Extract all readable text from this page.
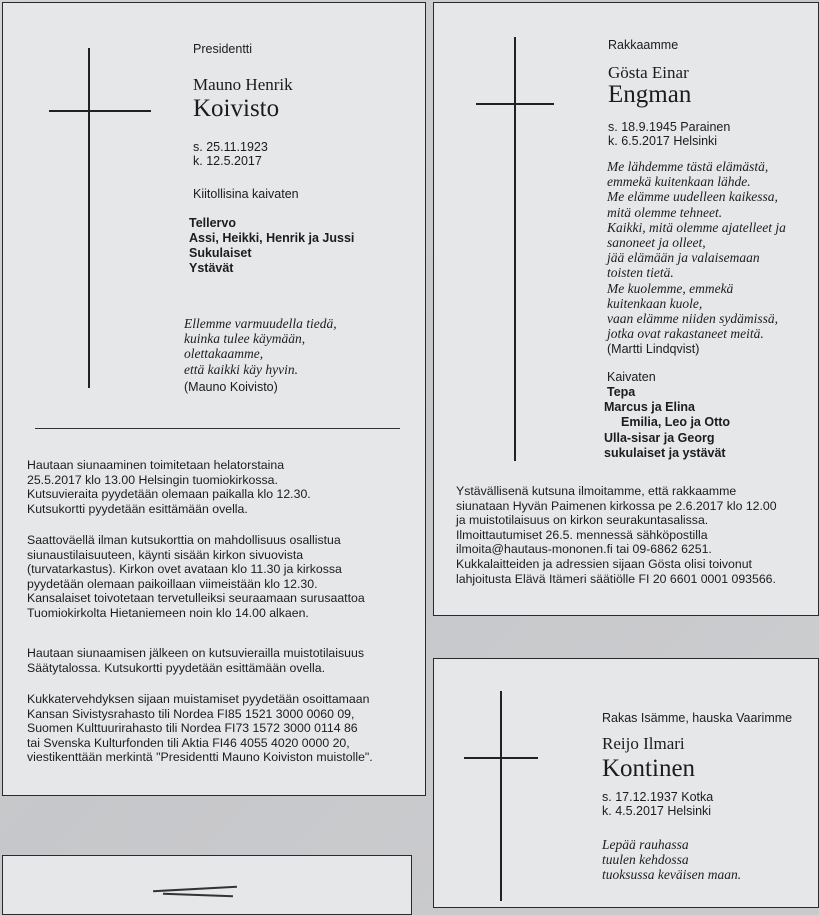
Presidentti
Mauno Henrik
Koivisto
s. 25.11.1923
k. 12.5.2017
Kiitollisina kaivaten
Tellervo
Assi, Heikki, Henrik ja Jussi
Sukulaiset
Ystävät
Ellemme varmuudella tiedä,
kuinka tulee käymään,
olettakaamme,
että kaikki käy hyvin.
(Mauno Koivisto)
Hautaan siunaaminen toimitetaan helatorstaina
25.5.2017 klo 13.00 Helsingin tuomiokirkossa.
Kutsuvieraita pyydetään olemaan paikalla klo 12.30.
Kutsukortti pyydetään esittämään ovella.
Saattoväellä ilman kutsukorttia on mahdollisuus osallistua
siunaustilaisuuteen, käynti sisään kirkon sivuovista
(turvatarkastus). Kirkon ovet avataan klo 11.30 ja kirkossa
pyydetään olemaan paikoillaan viimeistään klo 12.30.
Kansalaiset toivotetaan tervetulleiksi seuraamaan surusaattoa
Tuomiokirkolta Hietaniemeen noin klo 14.00 alkaen.
Hautaan siunaamisen jälkeen on kutsuvierailla muistotilaisuus
Säätytalossa. Kutsukortti pyydetään esittämään ovella.
Kukkatervehdyksen sijaan muistamiset pyydetään osoittamaan
Kansan Sivistysrahasto tili Nordea FI85 1521 3000 0060 09,
Suomen Kulttuurirahasto tili Nordea FI73 1572 3000 0114 86
tai Svenska Kulturfonden tili Aktia FI46 4055 4020 0000 20,
viestikenttään merkintä "Presidentti Mauno Koiviston muistolle".
Rakkaamme
Gösta Einar
Engman
s. 18.9.1945 Parainen
k. 6.5.2017 Helsinki
Me lähdemme tästä elämästä,
emmekä kuitenkaan lähde.
Me elämme uudelleen kaikessa,
mitä olemme tehneet.
Kaikki, mitä olemme ajatelleet ja
sanoneet ja olleet,
jää elämään ja valaisemaan
toisten tietä.
Me kuolemme, emmekä
kuitenkaan kuole,
vaan elämme niiden sydämissä,
jotka ovat rakastaneet meitä.
(Martti Lindqvist)
Kaivaten
Tepa
Marcus ja Elina
Emilia, Leo ja Otto
Ulla-sisar ja Georg
sukulaiset ja ystävät
Ystävällisenä kutsuna ilmoitamme, että rakkaamme
siunataan Hyvän Paimenen kirkossa pe 2.6.2017 klo 12.00
ja muistotilaisuus on kirkon seurakuntasalissa.
Ilmoittautumiset 26.5. mennessä sähköpostilla
ilmoita@hautaus-mononen.fi tai 09-6862 6251.
Kukkalaitteiden ja adressien sijaan Gösta olisi toivonut
lahjoitusta Elävä Itämeri säätiölle FI 20 6601 0001 093566.
Rakas Isämme, hauska Vaarimme
Reijo Ilmari
Kontinen
s. 17.12.1937 Kotka
k. 4.5.2017 Helsinki
Lepää rauhassa
tuulen kehdossa
tuoksussa keväisen maan.
